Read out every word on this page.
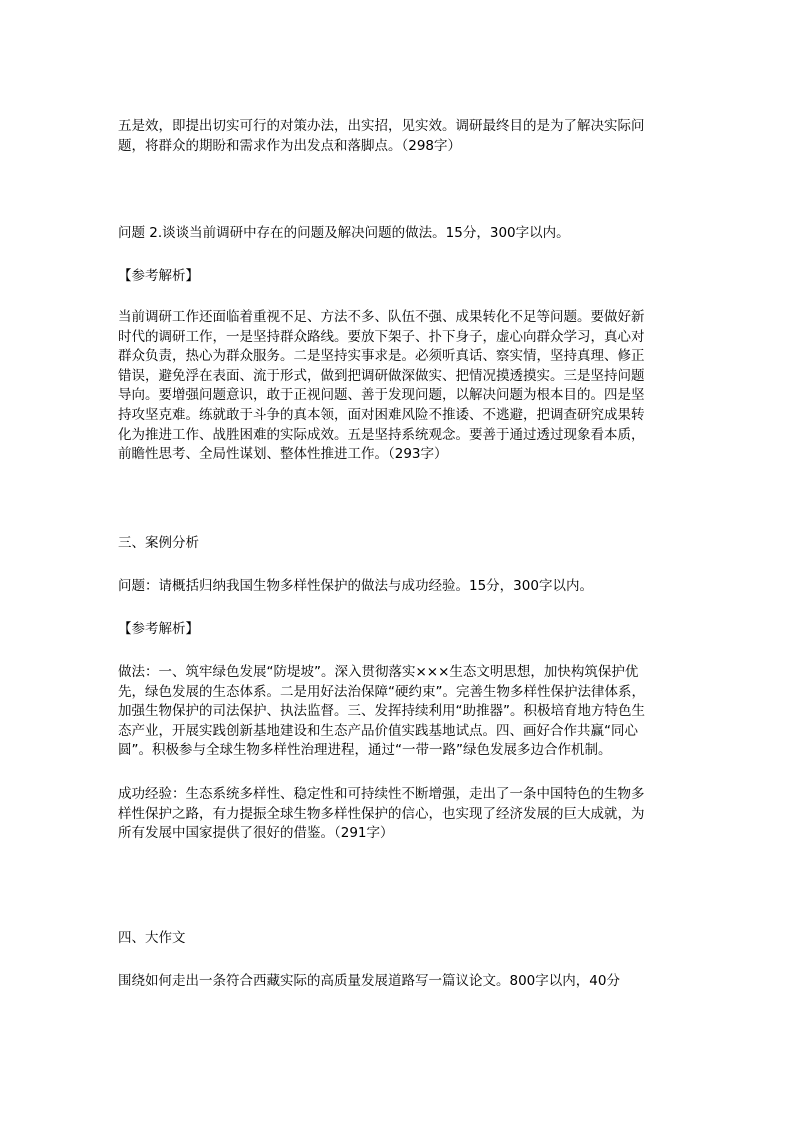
五是效，即提出切实可行的对策办法，出实招，见实效。调研最终目的是为了解决实际问
题，将群众的期盼和需求作为出发点和落脚点。（298字）
问题 2.谈谈当前调研中存在的问题及解决问题的做法。15分，300字以内。
【参考解析】
当前调研工作还面临着重视不足、方法不多、队伍不强、成果转化不足等问题。要做好新
时代的调研工作，一是坚持群众路线。要放下架子、扑下身子，虚心向群众学习，真心对
群众负责，热心为群众服务。二是坚持实事求是。必须听真话、察实情，坚持真理、修正
错误，避免浮在表面、流于形式，做到把调研做深做实、把情况摸透摸实。三是坚持问题
导向。要增强问题意识，敢于正视问题、善于发现问题，以解决问题为根本目的。四是坚
持攻坚克难。练就敢于斗争的真本领，面对困难风险不推诿、不逃避，把调查研究成果转
化为推进工作、战胜困难的实际成效。五是坚持系统观念。要善于通过透过现象看本质，
前瞻性思考、全局性谋划、整体性推进工作。（293字）
三、案例分析
问题：请概括归纳我国生物多样性保护的做法与成功经验。15分，300字以内。
【参考解析】
做法：一、筑牢绿色发展“防堤坡”。深入贯彻落实×××生态文明思想，加快构筑保护优
先，绿色发展的生态体系。二是用好法治保障“硬约束”。完善生物多样性保护法律体系，
加强生物保护的司法保护、执法监督。三、发挥持续利用“助推器”。积极培育地方特色生
态产业，开展实践创新基地建设和生态产品价值实践基地试点。四、画好合作共赢“同心
圆”。积极参与全球生物多样性治理进程，通过“一带一路”绿色发展多边合作机制。
成功经验：生态系统多样性、稳定性和可持续性不断增强，走出了一条中国特色的生物多
样性保护之路，有力提振全球生物多样性保护的信心，也实现了经济发展的巨大成就，为
所有发展中国家提供了很好的借鉴。（291字）
四、大作文
围绕如何走出一条符合西藏实际的高质量发展道路写一篇议论文。800字以内，40分
